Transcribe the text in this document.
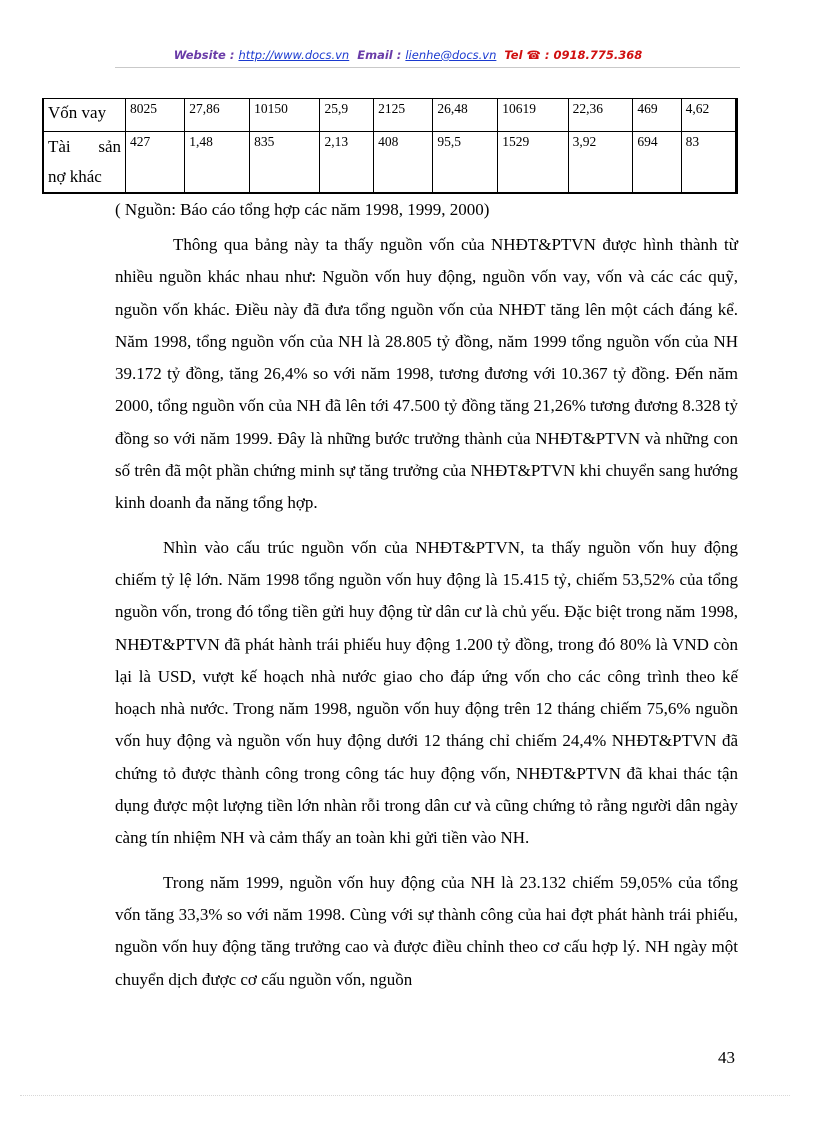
Website : http://www.docs.vn Email : lienhe@docs.vn Tel ☎ : 0918.775.368
Vốn vay	8025	27,86	10150	25,9	2125	26,48	10619	22,36	469	4,62

Tài sản
nợ khác	427	1,48	835	2,13	408	95,5	1529	3,92	694	83
( Nguồn: Báo cáo tổng hợp các năm 1998, 1999, 2000)

Thông qua bảng này ta thấy nguồn vốn của NHĐT&PTVN được hình thành từ nhiều nguồn khác nhau như: Nguồn vốn huy động, nguồn vốn vay, vốn và các các quỹ, nguồn vốn khác. Điều này đã đưa tổng nguồn vốn của NHĐT tăng lên một cách đáng kể. Năm 1998, tổng nguồn vốn của NH là 28.805 tỷ đồng, năm 1999 tổng nguồn vốn của NH 39.172 tỷ đồng, tăng 26,4% so với năm 1998, tương đương với 10.367 tỷ đồng. Đến năm 2000, tổng nguồn vốn của NH đã lên tới 47.500 tỷ đồng tăng 21,26% tương đương 8.328 tỷ đồng so với năm 1999. Đây là những bước trưởng thành của NHĐT&PTVN và những con số trên đã một phần chứng minh sự tăng trưởng của NHĐT&PTVN khi chuyển sang hướng kinh doanh đa năng tổng hợp.

Nhìn vào cấu trúc nguồn vốn của NHĐT&PTVN, ta thấy nguồn vốn huy động chiếm tỷ lệ lớn. Năm 1998 tổng nguồn vốn huy động là 15.415 tỷ, chiếm 53,52% của tổng nguồn vốn, trong đó tổng tiền gửi huy động từ dân cư là chủ yếu. Đặc biệt trong năm 1998, NHĐT&PTVN đã phát hành trái phiếu huy động 1.200 tỷ đồng, trong đó 80% là VND còn lại là USD, vượt kế hoạch nhà nước giao cho đáp ứng vốn cho các công trình theo kế hoạch nhà nước. Trong năm 1998, nguồn vốn huy động trên 12 tháng chiếm 75,6% nguồn vốn huy động và nguồn vốn huy động dưới 12 tháng chỉ chiếm 24,4% NHĐT&PTVN đã chứng tỏ được thành công trong công tác huy động vốn, NHĐT&PTVN đã khai thác tận dụng được một lượng tiền lớn nhàn rỗi trong dân cư và cũng chứng tỏ rằng người dân ngày càng tín nhiệm NH và cảm thấy an toàn khi gửi tiền vào NH.

Trong năm 1999, nguồn vốn huy động của NH là 23.132 chiếm 59,05% của tổng vốn tăng 33,3% so với năm 1998. Cùng với sự thành công của hai đợt phát hành trái phiếu, nguồn vốn huy động tăng trưởng cao và được điều chỉnh theo cơ cấu hợp lý. NH ngày một chuyển dịch được cơ cấu nguồn vốn, nguồn

43
